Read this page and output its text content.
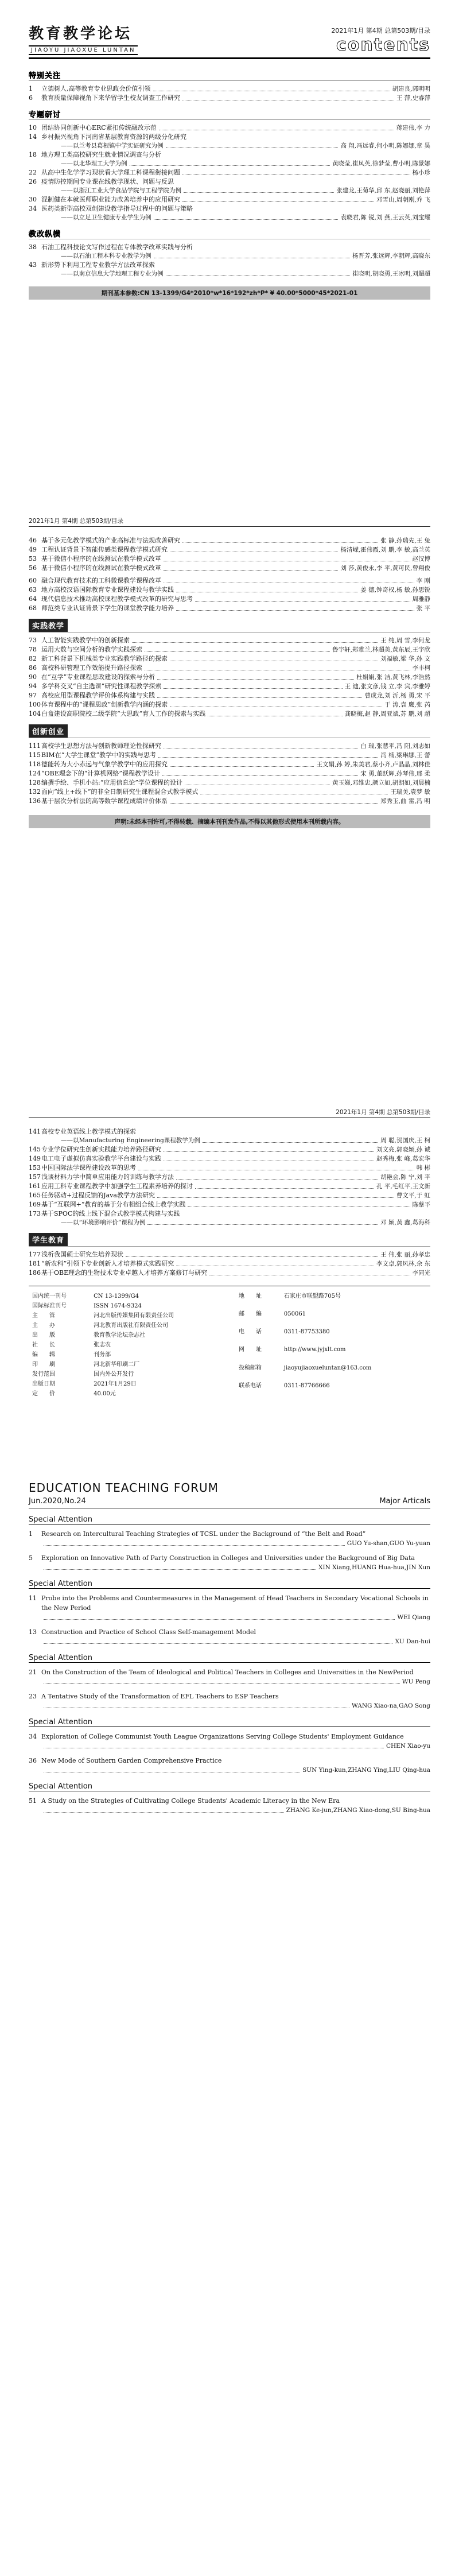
教育教学论坛
JIAOYU JIAOXUE LUNTAN
2021年1月 第4期 总第503期/目录
contents
特别关注
1	立德树人,高等教育专业思政会价值引领	胡建良,郭明明
6	教育质量保障视角下来华留学生校友调查工作研究	王 萍,史睿萍
专题研讨
10 团结协同创新中心ERC紧扣传统融改示范	蒋建伟,李 力
14 乡村振兴视角下河南省基层教育资源的两级分化研究
——以兰考县葛根镇中学实证研究为例	高 翔,冯远睿,何小明,陈娜娜,章 昊
18 地方理工类高校研究生就业情况调查与分析
——以北华理工大学为例	黄晓莹,崔凤英,徐梦莹,曹小明,陈景娜
22 从高中生化学学习现状看大学理工科课程衔接问题	杨小珍
26 疫情防控期间专业课在线教学现状、问题与反思
——以浙江工业大学食品学院与工程学院为例	张建龙,王菊华,邱 东,赵晓丽,刘艳萍
30 混制健在本就医师职业能力改善培养中的应用研究	邓雪山,周朝刚,乔 飞
34 医药类新型高校双创建设教学指导过程中的问题与策略
——以立足卫生健康专业学生为例	袁晓君,陈 锐,刘 燕,王云英,刘宝耀
教改纵横
38 石油工程科技论文写作过程在专体教学改革实践与分析
——以石油工程本科专业教学为例	杨晋芳,张远辉,李朝辉,高晓东
43 新形势下利用工程专业教学方法改革探索
——以南京信息大学地理工程专业为例	崔晓明,胡晓勇,王冰明,刘超超
期刊基本参数:CN 13-1399/G4*2010*w*16*192*zh*P* ¥ 40.00*5000*45*2021-01
2021年1月 第4期 总第503期/目录
46 基于多元化教学模式的产业高标准与法规改善研究	张 静,孙瑞先,王 兔
49 工程认证背景下智能传感类课程教学模式研究	杨清嵘,霍伟霞,刘 鹏,李 敏,高兰英
53 基于微信小程序的在线测试在教学模式改革	赵汉博
56 基于微信小程序的在线测试在教学模式改革	刘 莎,黄俊永,李 平,黄可民,曾翔俊
60 融合现代教育技术的工科微课教学课程改革	李 刚
63 地方高校汉语国际教育专业课程建设与教学实践	姜 德,钟奇权,杨 敏,孙思锐
64 现代信息技术推动高校课程教学模式改革的研究与思考	周雅静
68 师范类专业认证背景下学生的课堂教学能力培养	张 平
实践教学
73 人工智能实践教学中的创新探索	王 纯,周 雪,李何龙
78 运用大数与空间分析的教学实践探索	鲁宇轩,郑雅兰,林超美,黄东辰,王宇欣
82 新工科背景下机械类专业实践教学路径的探索	刘福敏,梁 华,孙 文
86 高校科研管理工作效能提升路径探索	李丰柯
90 在“互学”专业课程思政建设的探索与分析	杜娟娟,张 洁,黄飞林,李浩然
94 多学科交叉“自主选课”研究性课程教学探索	王 迪,张文彦,钱 立,李 宾,李雅婷
97 高校应用型课程教学评价体系构建与实践	曹成龙,刘 沂,杨 勇,宋 平
100 体育课程中的“课程思政”创新教学内涵的探索	于 涛,袁 鹰,张 芮
104 白盒建设高职院校二级学院“大思政”育人工作的探索与实践	龚晓梅,赵 静,周亚斌,苏 鹏,刘 超
创新创业
111 高校学生思想方法与创新教师理论性探研究	白 瑞,张慧平,冯 阳,刘志如
115 BIM在“大学生课堂”教学中的实践与思考	冯 楠,梁琳娜,王 蕾
118 德能转为大小赤远与气象学教学中的应用探究	王文娟,孙 婷,朱美君,蔡小齐,卢晶晶,刘林佳
124 “OBE理念下的“计算机网络”课程教学设计	宋 勇,董跃辉,孙琴伟,邢 柔
128 编撰手绘、手机小站:“应用信息论”学位课程的设计	黄玉娣,邓维忠,颜立如,胡朗如,刘晨楠
132 面向“线上+线下”的非全日制研究生课程混合式教学模式	王瑞美,袁梦 敏
136 基于层次分析法的高等数学课程成绩评价体系	郑秀玉,曲 雷,冯 明
声明:未经本刊许可,不得转载、摘编本刊刊发作品,不得以其他形式使用本刊所载内容。
2021年1月 第4期 总第503期/目录
141 高校专业英语线上教学模式的探索
——以Manufacturing Engineering课程教学为例	周 聪,贺国庆,王 柯
145 专业学位研究生创新实践能力培养路径研究	刘文亮,郭晓颖,孙 诚
149 电工电子虚拟仿真实验教学平台建设与实践	赵秀梅,张 峰,葛宏华
153 中国国际法学课程建设改革的思考	韩 彬
157 浅谈材料力学中简单应用能力的训练与教学方法	胡艳会,陈 宁,刘 平
161 应用工科专业课程教学中加强学生工程素养培养的探讨	孔 平,毛红平,王文新
165 任务驱动+过程反馈的Java教学方法研究	曹文平,于 虹
169 基于“互联网+”教育的基于分布相组合线上教学实践	陈蔡平
173 基于SPOC的线上线下混合式教学模式构建与实践
——以“环境影响评价”课程为例	邓 颖,黄 鑫,葛海科
学生教育
177 浅析我国硕士研究生培养现状	王 伟,张 丽,孙孝忠
181 “新农科”引领下专业创新人才培养模式实践研究	李文卓,郭风林,余 东
186 基于OBE理念的生物技术专业卓越人才培养方案修订与研究	李同光
国内统一刊号	CN 13-1399/G4
国际标准刊号	ISSN 1674-9324
主　　管	河北出版传媒集团有限责任公司
主　　办	河北教育出版社有限责任公司
出　　版	教育教学论坛杂志社
社　　长	张志农
编　　辑	刊务部
印　　刷	河北新华印刷二厂
发行范围	国内外公开发行
出版日期	2021年1月29日
定　　价	40.00元
地　　址	石家庄市联盟路705号
邮　　编	050061
电　　话	0311-87753380
网　　址	http://www.jyjxlt.com
投稿邮箱	jiaoyujiaoxueluntan@163.com
联系电话	0311-87766666
EDUCATION TEACHING FORUM
Jun.2020,No.24	Major Articals
Special Attention
1	Research on Intercultural Teaching Strategies of TCSL under the Background of “the Belt and Road”
GUO Yu-shan,GUO Yu-yuan
5	Exploration on Innovative Path of Party Construction in Colleges and Universities under the Background of Big Data
XIN Xiang,HUANG Hua-hua,JIN Xun
Special Attention
11 Probe into the Problems and Countermeasures in the Management of Head Teachers in Secondary Vocational Schools in the New Period
WEI Qiang
13 Construction and Practice of School Class Self-management Model
XU Dan-hui
Special Attention
21 On the Construction of the Team of Ideological and Political Teachers in Colleges and Universities in the NewPeriod
WU Peng
23 A Tentative Study of the Transformation of EFL Teachers to ESP Teachers
WANG Xiao-na,GAO Song
Special Attention
34 Exploration of College Communist Youth League Organizations Serving College Students' Employment Guidance
CHEN Xiao-yu
36 New Mode of Southern Garden Comprehensive Practice
SUN Ying-kun,ZHANG Ying,LIU Qing-hua
Special Attention
51 A Study on the Strategies of Cultivating College Students' Academic Literacy in the New Era
ZHANG Ke-jun,ZHANG Xiao-dong,SU Bing-hua
